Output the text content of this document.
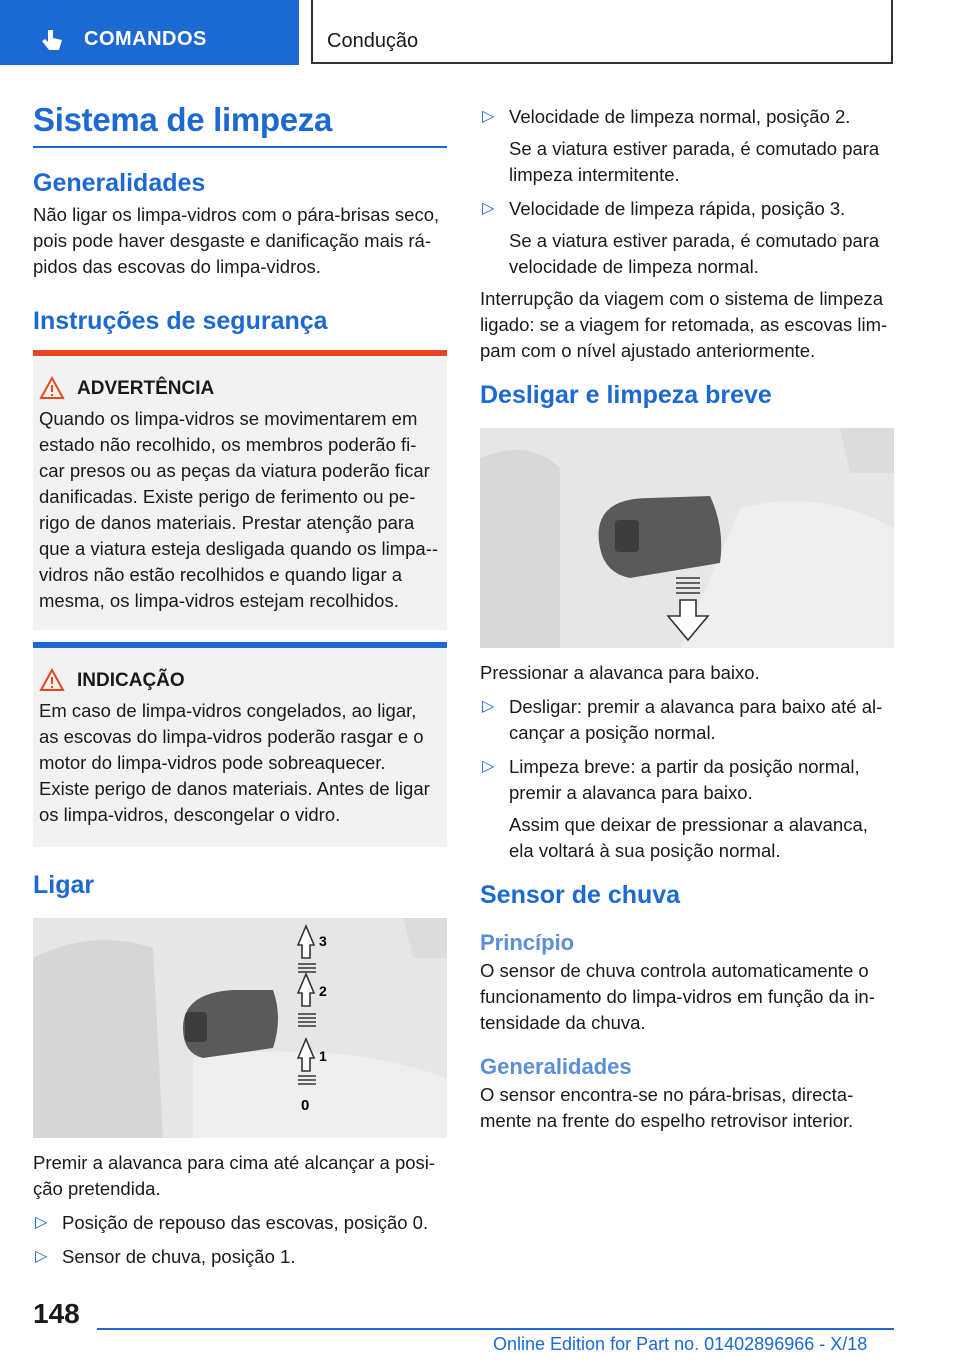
COMANDOS	Condução
Sistema de limpeza

Generalidades

Não ligar os limpa-vidros com o pára-brisas seco, pois pode haver desgaste e danificação mais rá-pidos das escovas do limpa-vidros.

Instruções de segurança

ADVERTÊNCIA
Quando os limpa-vidros se movimentarem em estado não recolhido, os membros poderão fi-car presos ou as peças da viatura poderão ficar danificadas. Existe perigo de ferimento ou pe-rigo de danos materiais. Prestar atenção para que a viatura esteja desligada quando os limpa--vidros não estão recolhidos e quando ligar a mesma, os limpa-vidros estejam recolhidos.
INDICAÇÃO
Em caso de limpa-vidros congelados, ao ligar, as escovas do limpa-vidros poderão rasgar e o motor do limpa-vidros pode sobreaquecer. Existe perigo de danos materiais. Antes de ligar os limpa-vidros, descongelar o vidro.

Ligar

3
2
1
0

Premir a alavanca para cima até alcançar a posi-ção pretendida.

▷ Posição de repouso das escovas, posição 0.
▷ Sensor de chuva, posição 1.
▷ Velocidade de limpeza normal, posição 2.

Se a viatura estiver parada, é comutado para limpeza intermitente.

▷ Velocidade de limpeza rápida, posição 3.

Se a viatura estiver parada, é comutado para velocidade de limpeza normal.

Interrupção da viagem com o sistema de limpeza ligado: se a viagem for retomada, as escovas lim-pam com o nível ajustado anteriormente.

Desligar e limpeza breve

Pressionar a alavanca para baixo.

▷ Desligar: premir a alavanca para baixo até al-cançar a posição normal.
▷ Limpeza breve: a partir da posição normal, premir a alavanca para baixo.

Assim que deixar de pressionar a alavanca, ela voltará à sua posição normal.

Sensor de chuva

Princípio

O sensor de chuva controla automaticamente o funcionamento do limpa-vidros em função da in-tensidade da chuva.

Generalidades

O sensor encontra-se no pára-brisas, directa-mente na frente do espelho retrovisor interior.

148
Online Edition for Part no. 01402896966 - X/18
